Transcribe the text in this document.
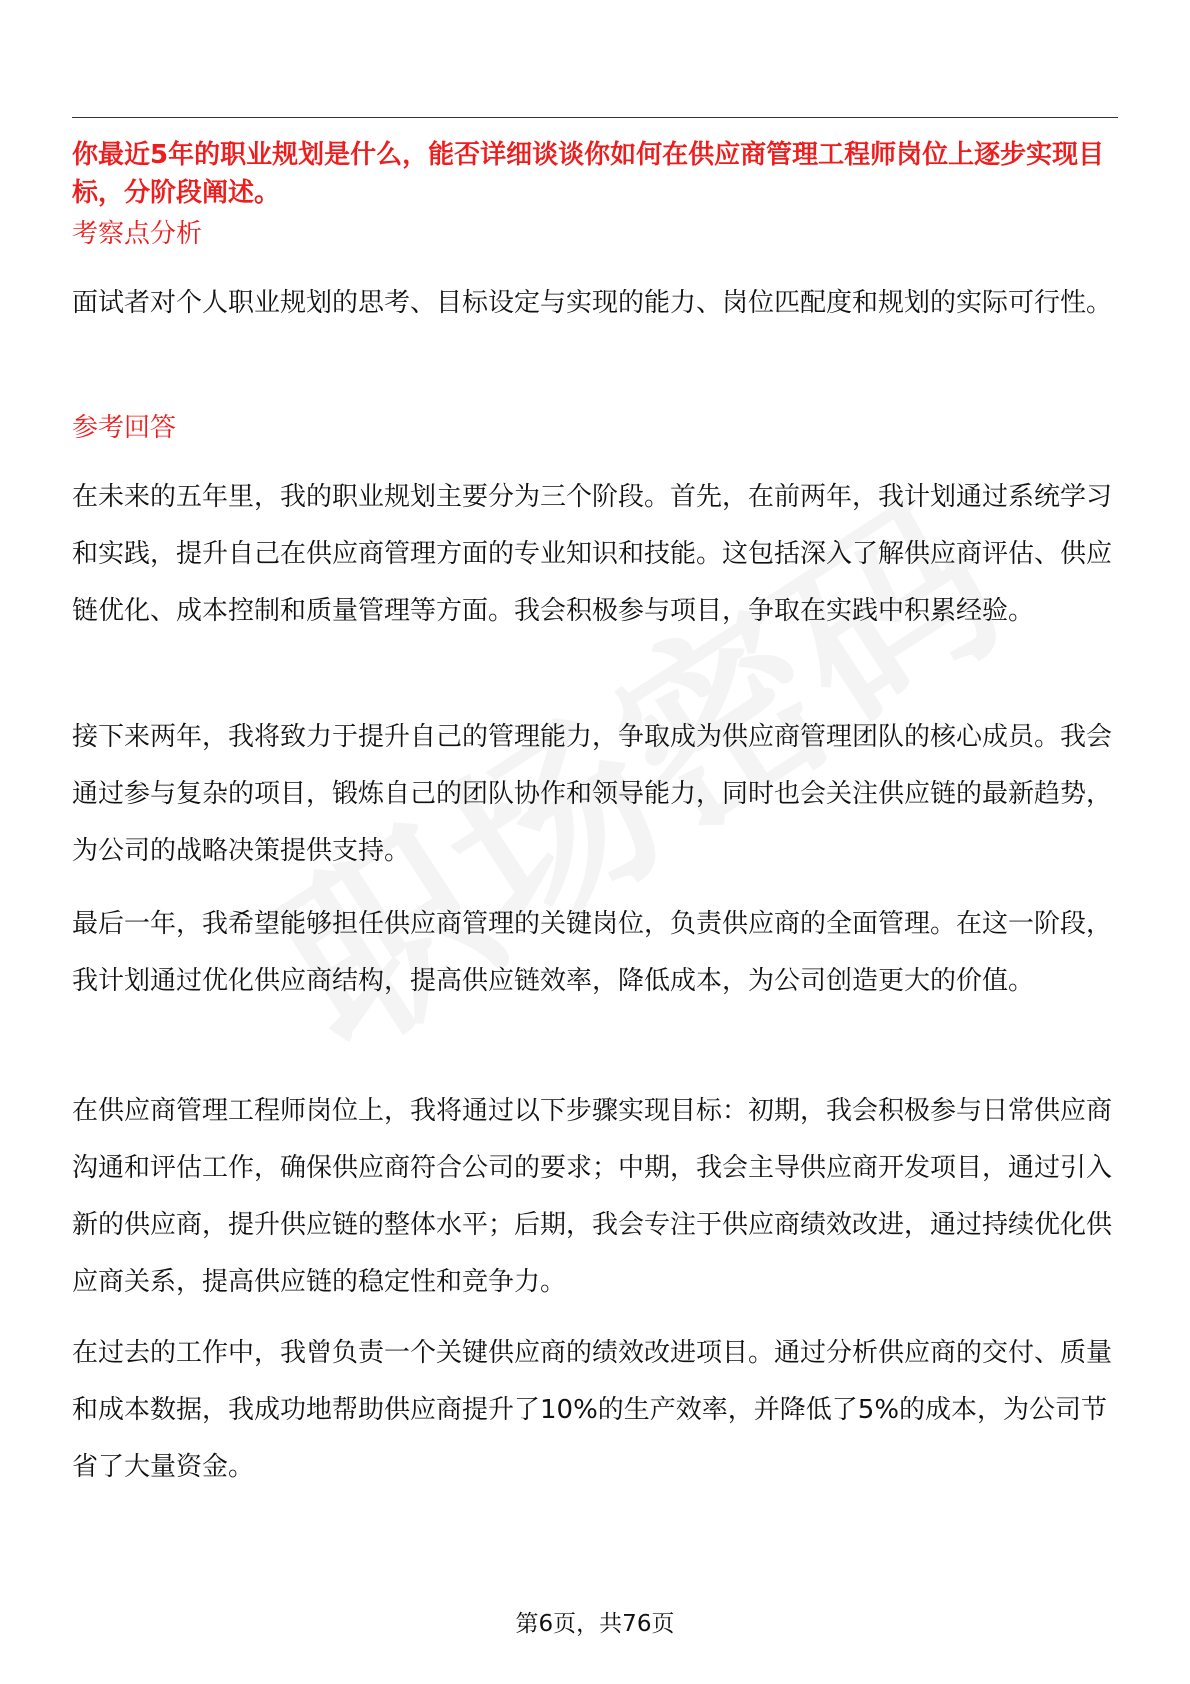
你最近5年的职业规划是什么，能否详细谈谈你如何在供应商管理工程师岗位上逐步实现目标，分阶段阐述。

考察点分析

面试者对个人职业规划的思考、目标设定与实现的能力、岗位匹配度和规划的实际可行性。

参考回答

在未来的五年里，我的职业规划主要分为三个阶段。首先，在前两年，我计划通过系统学习和实践，提升自己在供应商管理方面的专业知识和技能。这包括深入了解供应商评估、供应链优化、成本控制和质量管理等方面。我会积极参与项目，争取在实践中积累经验。

接下来两年，我将致力于提升自己的管理能力，争取成为供应商管理团队的核心成员。我会通过参与复杂的项目，锻炼自己的团队协作和领导能力，同时也会关注供应链的最新趋势，为公司的战略决策提供支持。

最后一年，我希望能够担任供应商管理的关键岗位，负责供应商的全面管理。在这一阶段，我计划通过优化供应商结构，提高供应链效率，降低成本，为公司创造更大的价值。

在供应商管理工程师岗位上，我将通过以下步骤实现目标：初期，我会积极参与日常供应商沟通和评估工作，确保供应商符合公司的要求；中期，我会主导供应商开发项目，通过引入新的供应商，提升供应链的整体水平；后期，我会专注于供应商绩效改进，通过持续优化供应商关系，提高供应链的稳定性和竞争力。

在过去的工作中，我曾负责一个关键供应商的绩效改进项目。通过分析供应商的交付、质量和成本数据，我成功地帮助供应商提升了10%的生产效率，并降低了5%的成本，为公司节省了大量资金。

第6页，共76页
